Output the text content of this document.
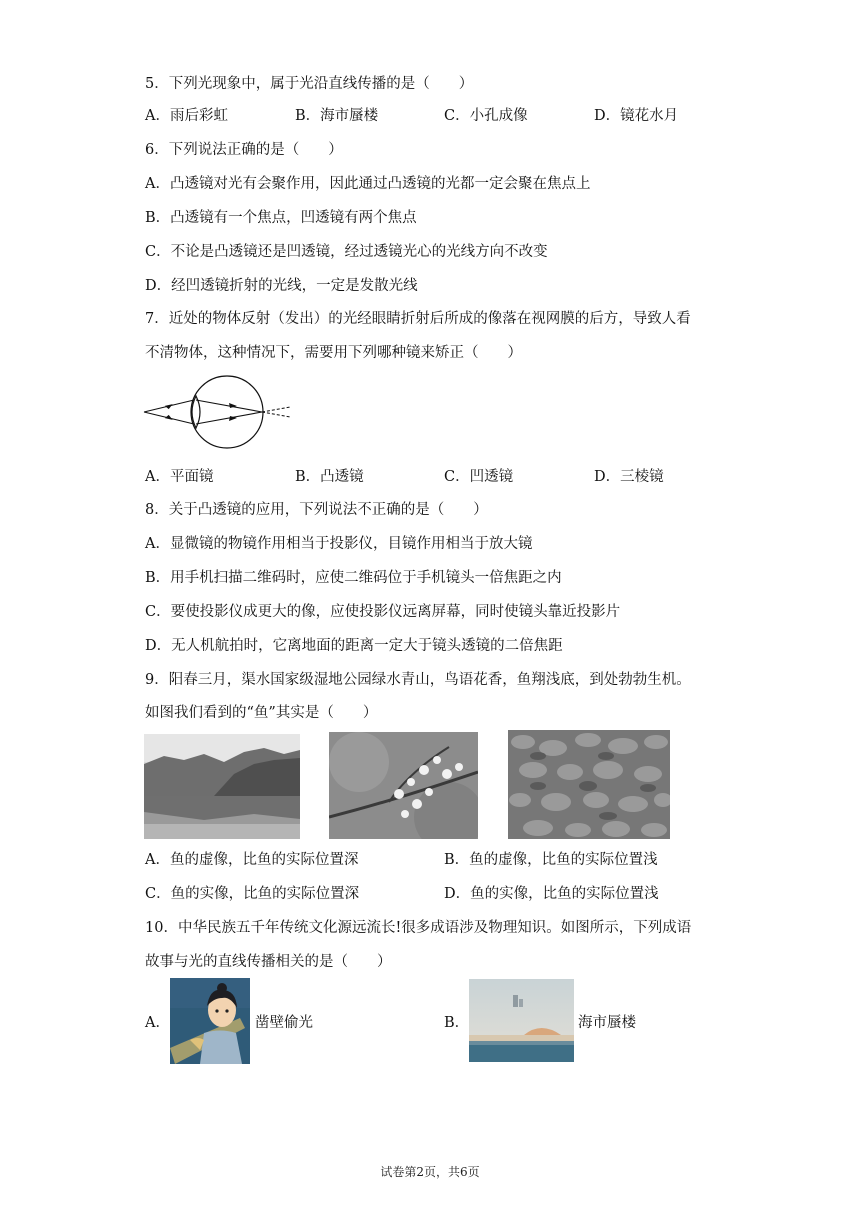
5．下列光现象中，属于光沿直线传播的是（　　）
A．雨后彩虹	B．海市蜃楼	C．小孔成像	D．镜花水月
6．下列说法正确的是（　　）
A．凸透镜对光有会聚作用，因此通过凸透镜的光都一定会聚在焦点上
B．凸透镜有一个焦点，凹透镜有两个焦点
C．不论是凸透镜还是凹透镜，经过透镜光心的光线方向不改变
D．经凹透镜折射的光线，一定是发散光线
7．近处的物体反射（发出）的光经眼睛折射后所成的像落在视网膜的后方，导致人看
不清物体，这种情况下，需要用下列哪种镜来矫正（　　）
A．平面镜	B．凸透镜	C．凹透镜	D．三棱镜
8．关于凸透镜的应用，下列说法不正确的是（　　）
A．显微镜的物镜作用相当于投影仪，目镜作用相当于放大镜
B．用手机扫描二维码时，应使二维码位于手机镜头一倍焦距之内
C．要使投影仪成更大的像，应使投影仪远离屏幕，同时使镜头靠近投影片
D．无人机航拍时，它离地面的距离一定大于镜头透镜的二倍焦距
9．阳春三月，渠水国家级湿地公园绿水青山，鸟语花香，鱼翔浅底，到处勃勃生机。
如图我们看到的“鱼”其实是（　　）
A．鱼的虚像，比鱼的实际位置深	B．鱼的虚像，比鱼的实际位置浅
C．鱼的实像，比鱼的实际位置深	D．鱼的实像，比鱼的实际位置浅
10．中华民族五千年传统文化源远流长!很多成语涉及物理知识。如图所示，下列成语
故事与光的直线传播相关的是（　　）
A．	凿壁偷光	B．	海市蜃楼
试卷第2页，共6页
